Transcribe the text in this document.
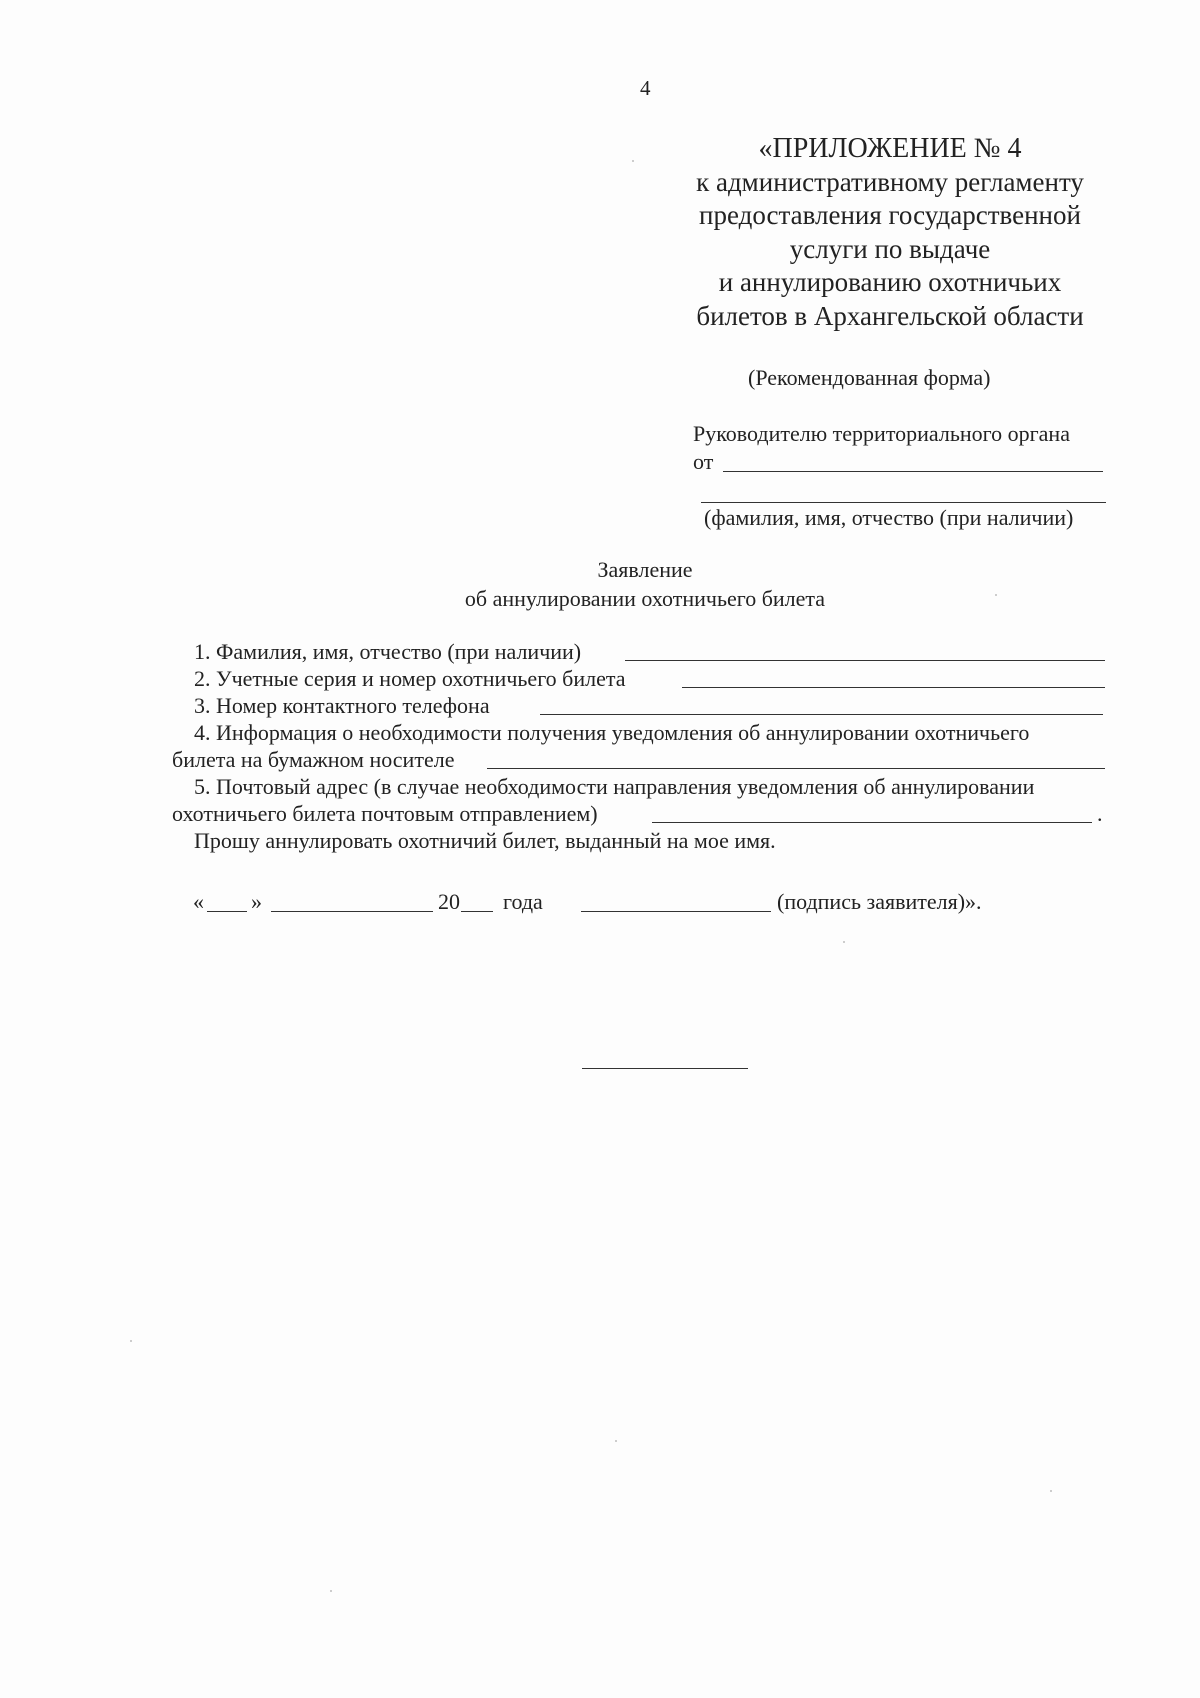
4
«ПРИЛОЖЕНИЕ № 4
к административному регламенту
предоставления государственной
услуги по выдаче
и аннулированию охотничьих
билетов в Архангельской области
(Рекомендованная форма)
Руководителю территориального органа
от
(фамилия, имя, отчество (при наличии)
Заявление
об аннулировании охотничьего билета
1. Фамилия, имя, отчество (при наличии)
2. Учетные серия и номер охотничьего билета
3. Номер контактного телефона
4. Информация о необходимости получения уведомления об аннулировании охотничьего
билета на бумажном носителе
5. Почтовый адрес (в случае необходимости направления уведомления об аннулировании
охотничьего билета почтовым отправлением)	.
Прошу аннулировать охотничий билет, выданный на мое имя.
« »	20 года	(подпись заявителя)».
